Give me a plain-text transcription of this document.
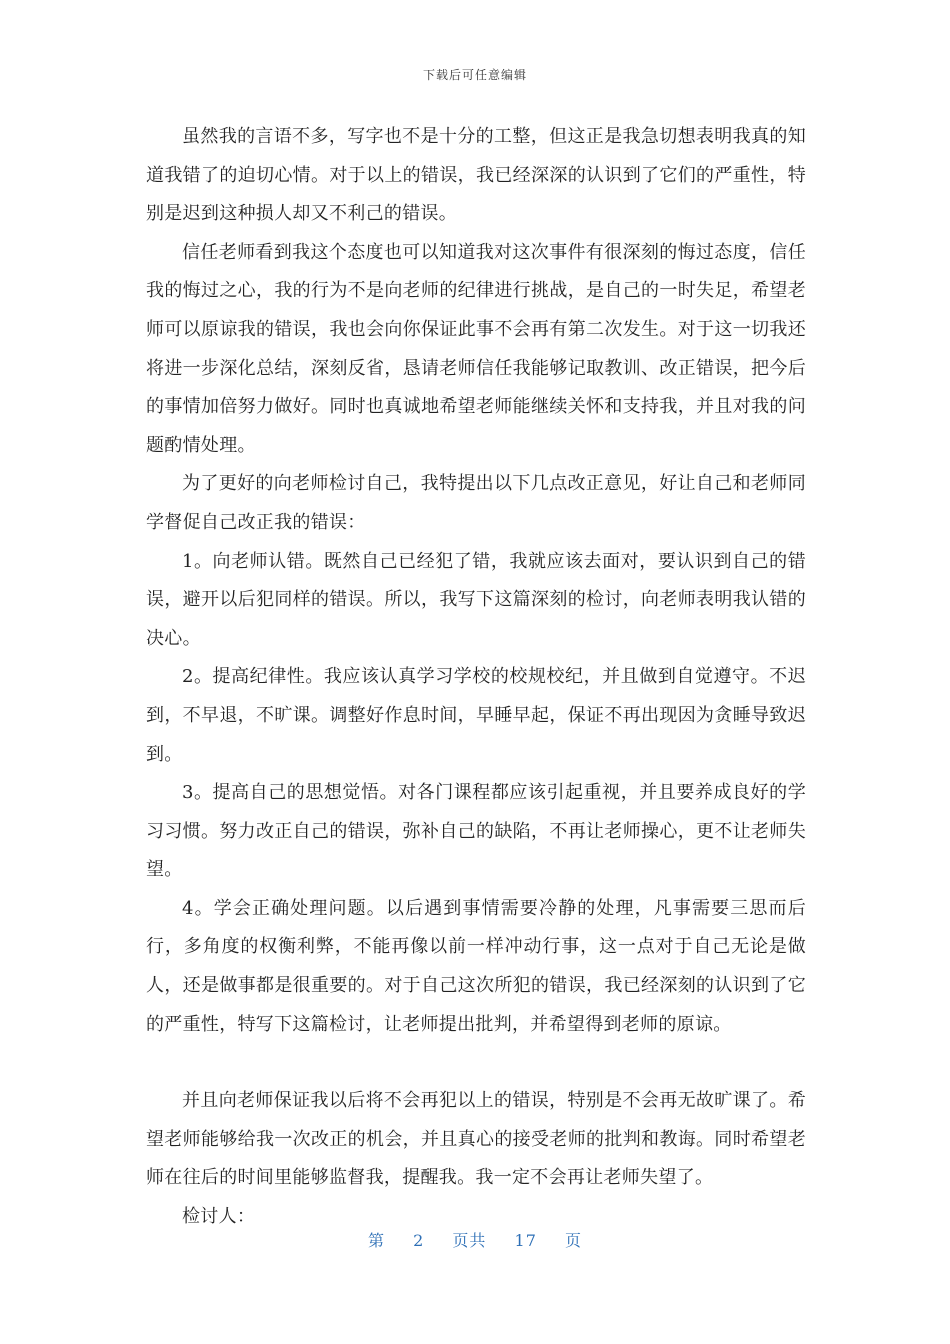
下载后可任意编辑

虽然我的言语不多，写字也不是十分的工整，但这正是我急切想表明我真的知道我错了的迫切心情。对于以上的错误，我已经深深的认识到了它们的严重性，特别是迟到这种损人却又不利己的错误。

信任老师看到我这个态度也可以知道我对这次事件有很深刻的悔过态度，信任我的悔过之心，我的行为不是向老师的纪律进行挑战，是自己的一时失足，希望老师可以原谅我的错误，我也会向你保证此事不会再有第二次发生。对于这一切我还将进一步深化总结，深刻反省，恳请老师信任我能够记取教训、改正错误，把今后的事情加倍努力做好。同时也真诚地希望老师能继续关怀和支持我，并且对我的问题酌情处理。

为了更好的向老师检讨自己，我特提出以下几点改正意见，好让自己和老师同学督促自己改正我的错误：

1。向老师认错。既然自己已经犯了错，我就应该去面对，要认识到自己的错误，避开以后犯同样的错误。所以，我写下这篇深刻的检讨，向老师表明我认错的决心。

2。提高纪律性。我应该认真学习学校的校规校纪，并且做到自觉遵守。不迟到，不早退，不旷课。调整好作息时间，早睡早起，保证不再出现因为贪睡导致迟到。

3。提高自己的思想觉悟。对各门课程都应该引起重视，并且要养成良好的学习习惯。努力改正自己的错误，弥补自己的缺陷，不再让老师操心，更不让老师失望。

4。学会正确处理问题。以后遇到事情需要冷静的处理，凡事需要三思而后行，多角度的权衡利弊，不能再像以前一样冲动行事，这一点对于自己无论是做人，还是做事都是很重要的。对于自己这次所犯的错误，我已经深刻的认识到了它的严重性，特写下这篇检讨，让老师提出批判，并希望得到老师的原谅。

并且向老师保证我以后将不会再犯以上的错误，特别是不会再无故旷课了。希望老师能够给我一次改正的机会，并且真心的接受老师的批判和教诲。同时希望老师在往后的时间里能够监督我，提醒我。我一定不会再让老师失望了。

检讨人：

第 2 页共 17 页
